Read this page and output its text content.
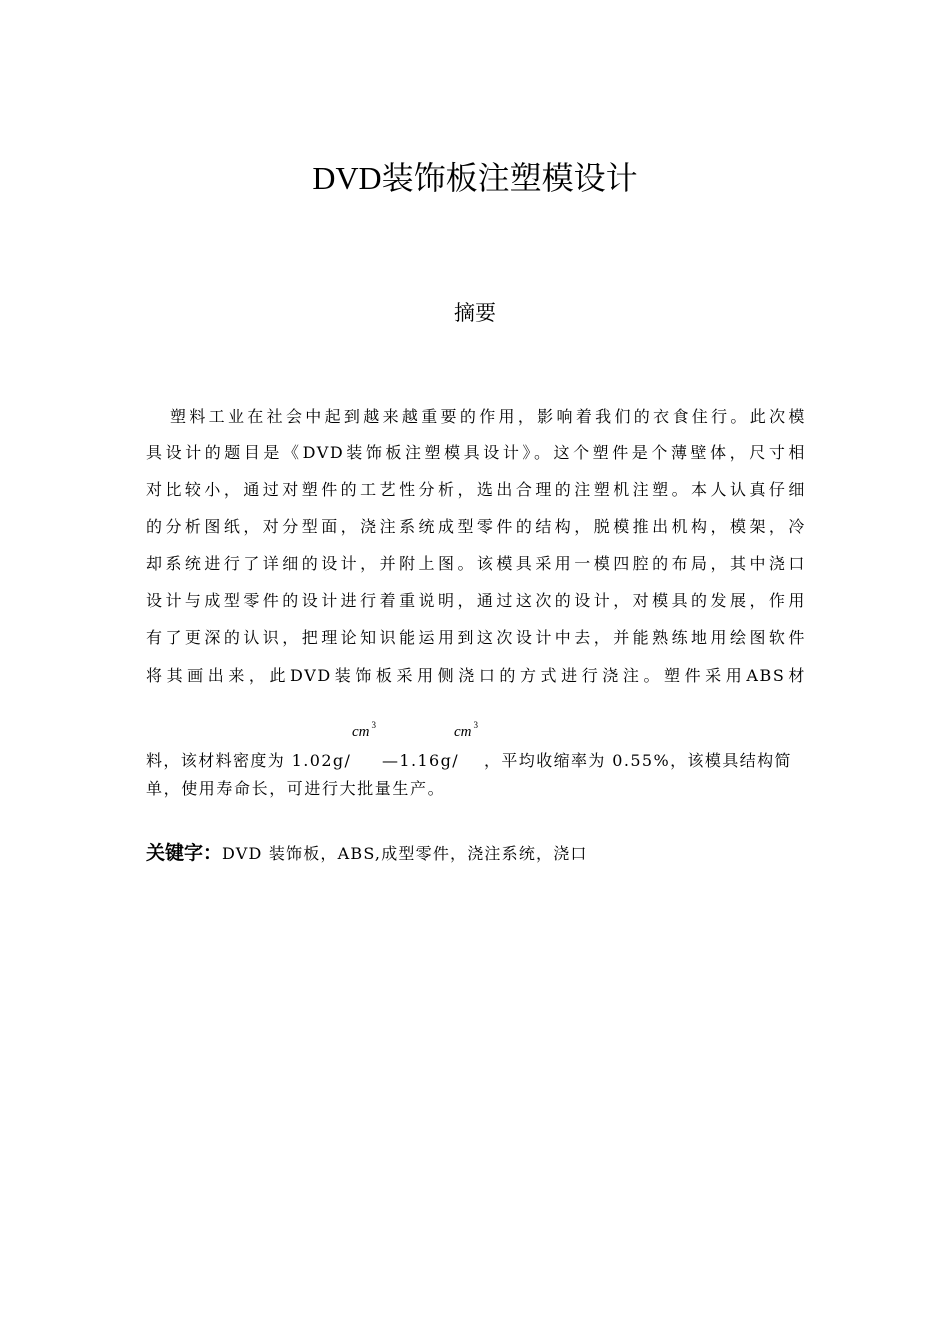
DVD装饰板注塑模设计
摘要
塑料工业在社会中起到越来越重要的作用，影响着我们的衣食住行。此次模
具设计的题目是《DVD装饰板注塑模具设计》。这个塑件是个薄壁体，尺寸相
对比较小，通过对塑件的工艺性分析，选出合理的注塑机注塑。本人认真仔细
的分析图纸，对分型面，浇注系统成型零件的结构，脱模推出机构，模架，冷
却系统进行了详细的设计，并附上图。该模具采用一模四腔的布局，其中浇口
设计与成型零件的设计进行着重说明，通过这次的设计，对模具的发展，作用
有了更深的认识，把理论知识能运用到这次设计中去，并能熟练地用绘图软件
将其画出来，此DVD装饰板采用侧浇口的方式进行浇注。塑件采用ABS材
料，该材料密度为 1.02g/
cm $^3$
—1.16g/
cm $^3$
，平均收缩率为 0.55%，该模具结构简
单，使用寿命长，可进行大批量生产。
关键字：DVD 装饰板，ABS,成型零件，浇注系统，浇口
